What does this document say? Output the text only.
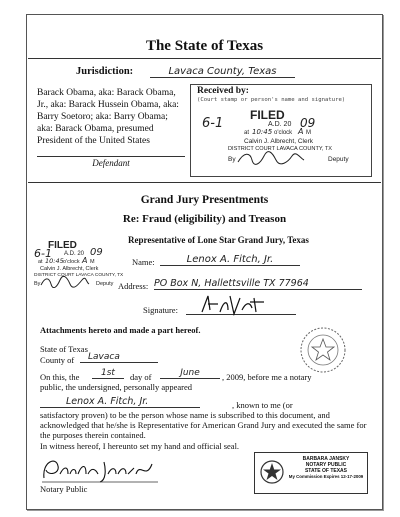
The State of Texas
Jurisdiction:	Lavaca County, Texas
Barack Obama, aka: Barack Obama, Jr., aka: Barack Hussein Obama, aka: Barry Soetoro; aka: Barry Obama; aka: Barack Obama, presumed President of the United States
Defendant
Received by:
(Court stamp or person's name and signature)
6-1
FILED
A.D. 20 09
at 10:45 o'clock A M
Calvin J. Albrecht, Clerk
DISTRICT COURT LAVACA COUNTY, TX
By	Deputy
Grand Jury Presentments
Re: Fraud (eligibility) and Treason
Representative of Lone Star Grand Jury, Texas
6-1
FILED
A.D. 20 09
at 10:45 o'clock A M
Calvin J. Albrecht, Clerk
DISTRICT COURT LAVACA COUNTY, TX
By	Deputy
Name:	Lenox A. Fitch, Jr.
Address: PO Box N, Hallettsville TX 77964
Signature:
Attachments hereto and made a part hereof.
State of Texas
County of	Lavaca
On this, the	1st	day of	June	, 2009, before me a notary
public, the undersigned, personally appeared
Lenox A. Fitch, Jr.	, known to me (or
satisfactory proven) to be the person whose name is subscribed to this document, and acknowledged that he/she is Representative for American Grand Jury and executed the same for the purposes therein contained.
In witness hereof, I hereunto set my hand and official seal.
Notary Public
BARBARA JANSKY
NOTARY PUBLIC
STATE OF TEXAS
My Commission Expires 12-17-2009
